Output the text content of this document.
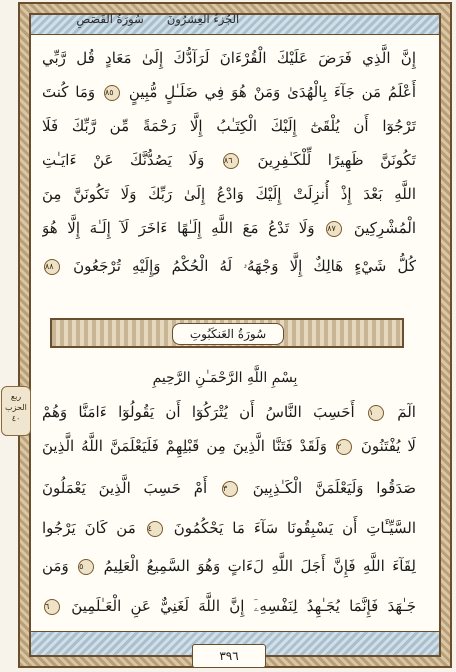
الجُزءُ العِشرُونَ
سُورَةُ القَصَصِ
إِنَّ الَّذِي فَرَضَ عَلَيْكَ الْقُرْءَانَ لَرَآدُّكَ إِلَىٰ مَعَادٍ قُل رَّبِّي
أَعْلَمُ مَن جَآءَ بِالْهُدَىٰ وَمَنْ هُوَ فِي ضَلَـٰلٍ مُّبِينٍ ٨٥ وَمَا كُنتَ
تَرْجُوٓا أَن يُلْقَىٰٓ إِلَيْكَ الْكِتَـٰبُ إِلَّا رَحْمَةً مِّن رَّبِّكَ فَلَا
تَكُونَنَّ ظَهِيرًا لِّلْكَـٰفِرِينَ ٨٦ وَلَا يَصُدُّنَّكَ عَنْ ءَايَـٰتِ
اللَّهِ بَعْدَ إِذْ أُنزِلَتْ إِلَيْكَ وَادْعُ إِلَىٰ رَبِّكَ وَلَا تَكُونَنَّ مِنَ
الْمُشْرِكِينَ ٨٧ وَلَا تَدْعُ مَعَ اللَّهِ إِلَـٰهًا ءَاخَرَ لَآ إِلَـٰهَ إِلَّا هُوَ
كُلُّ شَيْءٍ هَالِكٌ إِلَّا وَجْهَهُۥ لَهُ الْحُكْمُ وَإِلَيْهِ تُرْجَعُونَ ٨٨
سُورَةُ العَنكَبُوتِ
بِسْمِ اللَّهِ الرَّحْمَـٰنِ الرَّحِيمِ
ربع الحزب ٤٠	الٓمٓ ١ أَحَسِبَ النَّاسُ أَن يُتْرَكُوٓا أَن يَقُولُوٓا ءَامَنَّا وَهُمْ
لَا يُفْتَنُونَ ٢ وَلَقَدْ فَتَنَّا الَّذِينَ مِن قَبْلِهِمْ فَلَيَعْلَمَنَّ اللَّهُ الَّذِينَ
صَدَقُوا وَلَيَعْلَمَنَّ الْكَـٰذِبِينَ ٣ أَمْ حَسِبَ الَّذِينَ يَعْمَلُونَ
السَّيِّـَٔاتِ أَن يَسْبِقُونَا سَآءَ مَا يَحْكُمُونَ ٤ مَن كَانَ يَرْجُوا
لِقَآءَ اللَّهِ فَإِنَّ أَجَلَ اللَّهِ لَءَاتٍ وَهُوَ السَّمِيعُ الْعَلِيمُ ٥ وَمَن
جَـٰهَدَ فَإِنَّمَا يُجَـٰهِدُ لِنَفْسِهِۦٓ إِنَّ اللَّهَ لَغَنِيٌّ عَنِ الْعَـٰلَمِينَ ٦
٣٩٦
